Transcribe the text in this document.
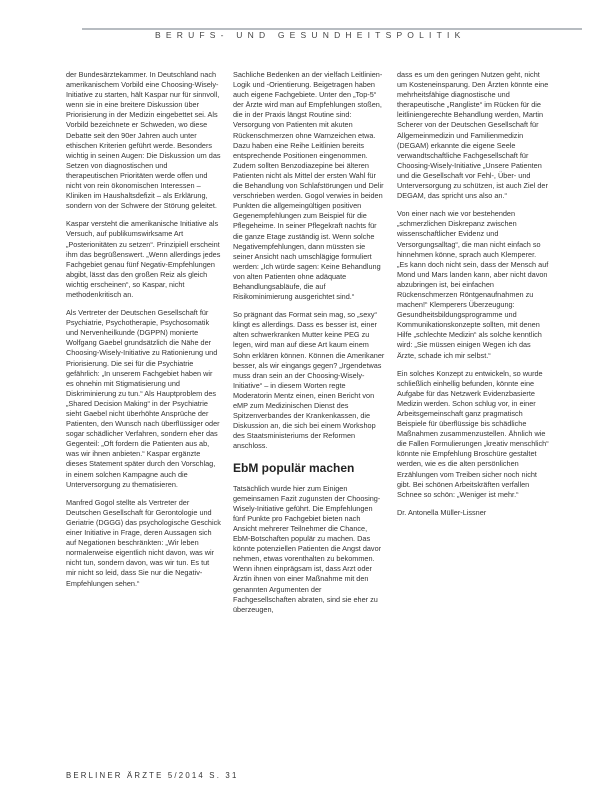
BERUFS- UND GESUNDHEITSPOLITIK

der Bundesärztekammer. In Deutschland nach amerikanischem Vorbild eine Choosing-Wisely-Initiative zu starten, hält Kaspar nur für sinnvoll, wenn sie in eine breitere Diskussion über Priorisierung in der Medizin eingebettet sei. Als Vorbild bezeichnete er Schweden, wo diese Debatte seit den 90er Jahren auch unter ethischen Kriterien geführt werde. Besonders wichtig in seinen Augen: Die Diskussion um das Setzen von diagnostischen und therapeutischen Prioritäten werde offen und nicht von rein ökonomischen Interessen – Kliniken im Haushaltsdefizit – als Erklärung, sondern von der Schwere der Störung geleitet.

Kaspar versteht die amerikanische Initiative als Versuch, auf publikumswirksame Art „Posterionitäten zu setzen“. Prinzipiell erscheint ihm das begrüßenswert. „Wenn allerdings jedes Fachgebiet genau fünf Negativ-Empfehlungen abgibt, lässt das den großen Reiz als gleich wichtig erscheinen“, so Kaspar, nicht methodenkritisch an.

Als Vertreter der Deutschen Gesellschaft für Psychiatrie, Psychotherapie, Psychosomatik und Nervenheilkunde (DGPPN) monierte Wolfgang Gaebel grundsätzlich die Nähe der Choosing-Wisely-Initiative zu Rationierung und Priorisierung. Die sei für die Psychiatrie gefährlich: „In unserem Fachgebiet haben wir es ohnehin mit Stigmatisierung und Diskriminierung zu tun.“ Als Hauptproblem des „Shared Decision Making“ in der Psychiatrie sieht Gaebel nicht überhöhte Ansprüche der Patienten, den Wunsch nach überflüssiger oder sogar schädlicher Verfahren, sondern eher das Gegenteil: „Oft fordern die Patienten aus ab, was wir ihnen anbieten.“ Kaspar ergänzte dieses Statement später durch den Vorschlag, in einem solchen Kampagne auch die Unterversorgung zu thematisieren.

Manfred Gogol stellte als Vertreter der Deutschen Gesellschaft für Gerontologie und Geriatrie (DGGG) das psychologische Geschick einer Initiative in Frage, deren Aussagen sich auf Negationen beschränkten: „Wir leben normalerweise eigentlich nicht davon, was wir nicht tun, sondern davon, was wir tun. Es tut mir nicht so leid, dass Sie nur die Negativ-Empfehlungen sehen.“

Sachliche Bedenken an der vielfach Leitlinien-Logik und -Orientierung. Beigetragen haben auch eigene Fachgebiete. Unter den „Top-5“ der Ärzte wird man auf Empfehlungen stoßen, die in der Praxis längst Routine sind: Versorgung von Patienten mit akuten Rückenschmerzen ohne Warnzeichen etwa. Dazu haben eine Reihe Leitlinien bereits entsprechende Positionen eingenommen. Zudem sollten Benzodiazepine bei älteren Patienten nicht als Mittel der ersten Wahl für die Behandlung von Schlafstörungen und Delir verschrieben werden. Gogol verwies in beiden Punkten die allgemeingültigen positiven Gegenempfehlungen zum Beispiel für die Pflegeheime. In seiner Pflegekraft nachts für die ganze Etage zuständig ist. Wenn solche Negativempfehlungen, dann müssten sie seiner Ansicht nach umschlägige formuliert werden: „Ich würde sagen: Keine Behandlung von alten Patienten ohne adäquate Behandlungsabläufe, die auf Risikominimierung ausgerichtet sind.“

So prägnant das Format sein mag, so „sexy“ klingt es allerdings. Dass es besser ist, einer alten schwerkranken Mutter keine PEG zu legen, wird man auf diese Art kaum einem Sohn erklären können. Können die Amerikaner besser, als wir eingangs gegen? „Irgendetwas muss dran sein an der Choosing-Wisely-Initiative“ – in diesem Worten regte Moderatorin Mentz einen, einen Bericht von eMP zum Medizinischen Dienst des Spitzenverbandes der Krankenkassen, die Diskussion an, die sich bei einem Workshop des Staatsministeriums der Reformen anschloss.

EbM populär machen

Tatsächlich wurde hier zum Einigen gemeinsamen Fazit zugunsten der Choosing-Wisely-Initiative geführt. Die Empfehlungen fünf Punkte pro Fachgebiet bieten nach Ansicht mehrerer Teilnehmer die Chance, EbM-Botschaften populär zu machen. Das könnte potenziellen Patienten die Angst davor nehmen, etwas vorenthalten zu bekommen. Wenn ihnen einprägsam ist, dass Arzt oder Ärztin ihnen von einer Maßnahme mit den genannten Argumenten der Fachgesellschaften abraten, sind sie eher zu überzeugen,

dass es um den geringen Nutzen geht, nicht um Kosteneinsparung. Den Ärzten könnte eine mehrheitsfähige diagnostische und therapeutische „Rangliste“ im Rücken für die leitliniengerechte Behandlung werden, Martin Scherer von der Deutschen Gesellschaft für Allgemeinmedizin und Familienmedizin (DEGAM) erkannte die eigene Seele verwandtschaftliche Fachgesellschaft für Choosing-Wisely-Initiative „Unsere Patienten und die Gesellschaft vor Fehl-, Über- und Unterversorgung zu schützen, ist auch Ziel der DEGAM, das spricht uns also an.“

Von einer nach wie vor bestehenden „schmerzlichen Diskrepanz zwischen wissenschaftlicher Evidenz und Versorgungsalltag“, die man nicht einfach so hinnehmen könne, sprach auch Klemperer. „Es kann doch nicht sein, dass der Mensch auf Mond und Mars landen kann, aber nicht davon abzubringen ist, bei einfachen Rückenschmerzen Röntgenaufnahmen zu machen!“ Klemperers Überzeugung: Gesundheitsbildungsprogramme und Kommunikationskonzepte sollten, mit denen Hilfe „schlechte Medizin“ als solche kenntlich wird: „Sie müssen einigen Wegen ich das Ärzte, schade ich mir selbst.“

Ein solches Konzept zu entwickeln, so wurde schließlich einhellig befunden, könnte eine Aufgabe für das Netzwerk Evidenzbasierte Medizin werden. Schon schlug vor, in einer Arbeitsgemeinschaft ganz pragmatisch Beispiele für überflüssige bis schädliche Maßnahmen zusammenzustellen. Ähnlich wie die Fallen Formulierungen „kreativ menschlich“ könnte nie Empfehlung Broschüre gestaltet werden, wie es die alten persönlichen Erzählungen vom Treiben sicher noch nicht gibt. Bei schönen Arbeitskräften verfallen Schnee so schön: „Weniger ist mehr.“

Dr. Antonella Müller-Lissner

BERLINER ÄRZTE 5/2014 S. 31
